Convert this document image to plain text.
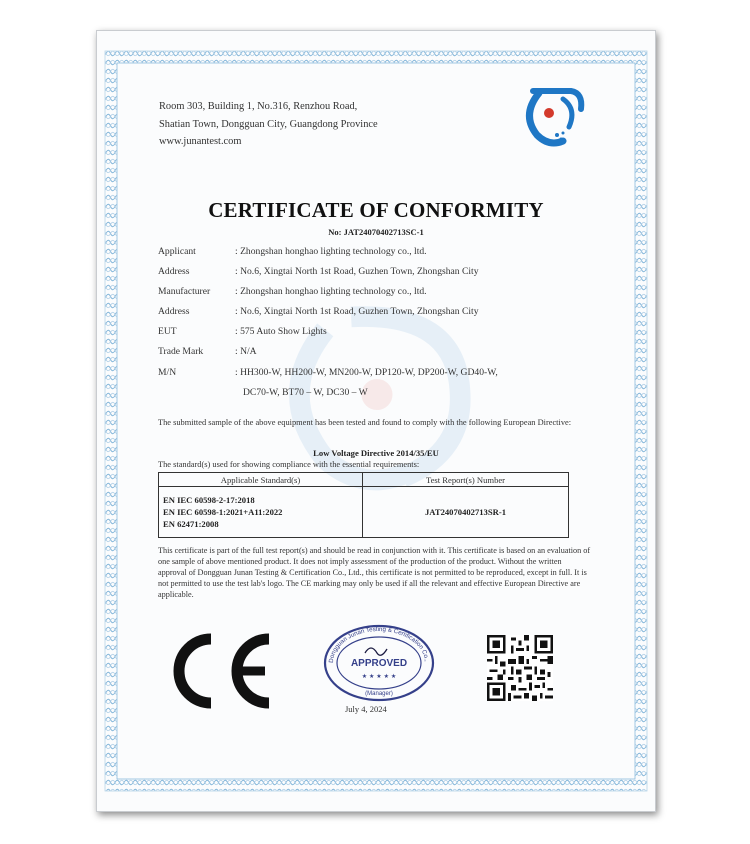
Room 303, Building 1, No.316, Renzhou Road,
Shatian Town, Dongguan City, Guangdong Province
www.junantest.com
CERTIFICATE OF CONFORMITY
No: JAT24070402713SC-1
Applicant	: Zhongshan honghao lighting technology co., ltd.
Address	: No.6, Xingtai North 1st Road, Guzhen Town, Zhongshan City
Manufacturer	: Zhongshan honghao lighting technology co., ltd.
Address	: No.6, Xingtai North 1st Road, Guzhen Town, Zhongshan City
EUT	: 575 Auto Show Lights
Trade Mark	: N/A
M/N	: HH300-W, HH200-W, MN200-W, DP120-W, DP200-W, GD40-W,
DC70-W, BT70 – W, DC30 – W
The submitted sample of the above equipment has been tested and found to comply with the following European Directive:
Low Voltage Directive 2014/35/EU
The standard(s) used for showing compliance with the essential requirements:
Applicable Standard(s)	Test Report(s) Number

EN IEC 60598-2-17:2018
EN IEC 60598-1:2021+A11:2022
EN 62471:2008	JAT24070402713SR-1
This certificate is part of the full test report(s) and should be read in conjunction with it. This certificate is based on an evaluation of one sample of above mentioned product. It does not imply assessment of the production of the product. Without the written approval of Dongguan Junan Testing & Certification Co., Ltd., this certificate is not permitted to be reproduced, except in full. It is not permitted to use the test lab's logo. The CE marking may only be used if all the relevant and effective European Directive are applicable.
Dongguan Junan Testing & Certification Co.,
APPROVED
★ ★ ★ ★ ★
(Manager)
July 4, 2024
